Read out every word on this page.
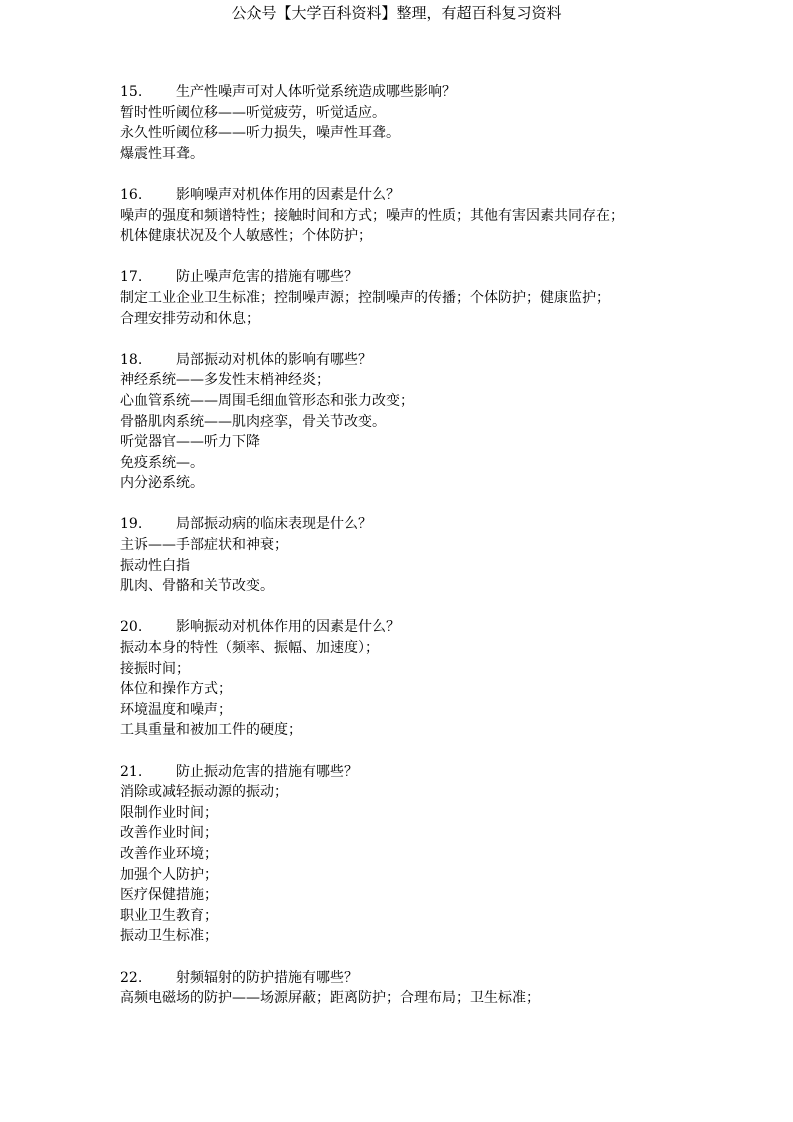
公众号【大学百科资料】整理，有超百科复习资料
15. 生产性噪声可对人体听觉系统造成哪些影响？
暂时性听阈位移——听觉疲劳，听觉适应。
永久性听阈位移——听力损失，噪声性耳聋。
爆震性耳聋。
16. 影响噪声对机体作用的因素是什么？
噪声的强度和频谱特性；接触时间和方式；噪声的性质；其他有害因素共同存在；
机体健康状况及个人敏感性；个体防护；
17. 防止噪声危害的措施有哪些？
制定工业企业卫生标准；控制噪声源；控制噪声的传播；个体防护；健康监护；
合理安排劳动和休息；
18. 局部振动对机体的影响有哪些？
神经系统——多发性末梢神经炎；
心血管系统——周围毛细血管形态和张力改变；
骨骼肌肉系统——肌肉痉挛，骨关节改变。
听觉器官——听力下降
免疫系统—。
内分泌系统。
19. 局部振动病的临床表现是什么？
主诉——手部症状和神衰；
振动性白指
肌肉、骨骼和关节改变。
20. 影响振动对机体作用的因素是什么？
振动本身的特性（频率、振幅、加速度）；
接振时间；
体位和操作方式；
环境温度和噪声；
工具重量和被加工件的硬度；
21. 防止振动危害的措施有哪些？
消除或减轻振动源的振动；
限制作业时间；
改善作业时间；
改善作业环境；
加强个人防护；
医疗保健措施；
职业卫生教育；
振动卫生标准；
22. 射频辐射的防护措施有哪些？
高频电磁场的防护——场源屏蔽；距离防护；合理布局；卫生标准；
